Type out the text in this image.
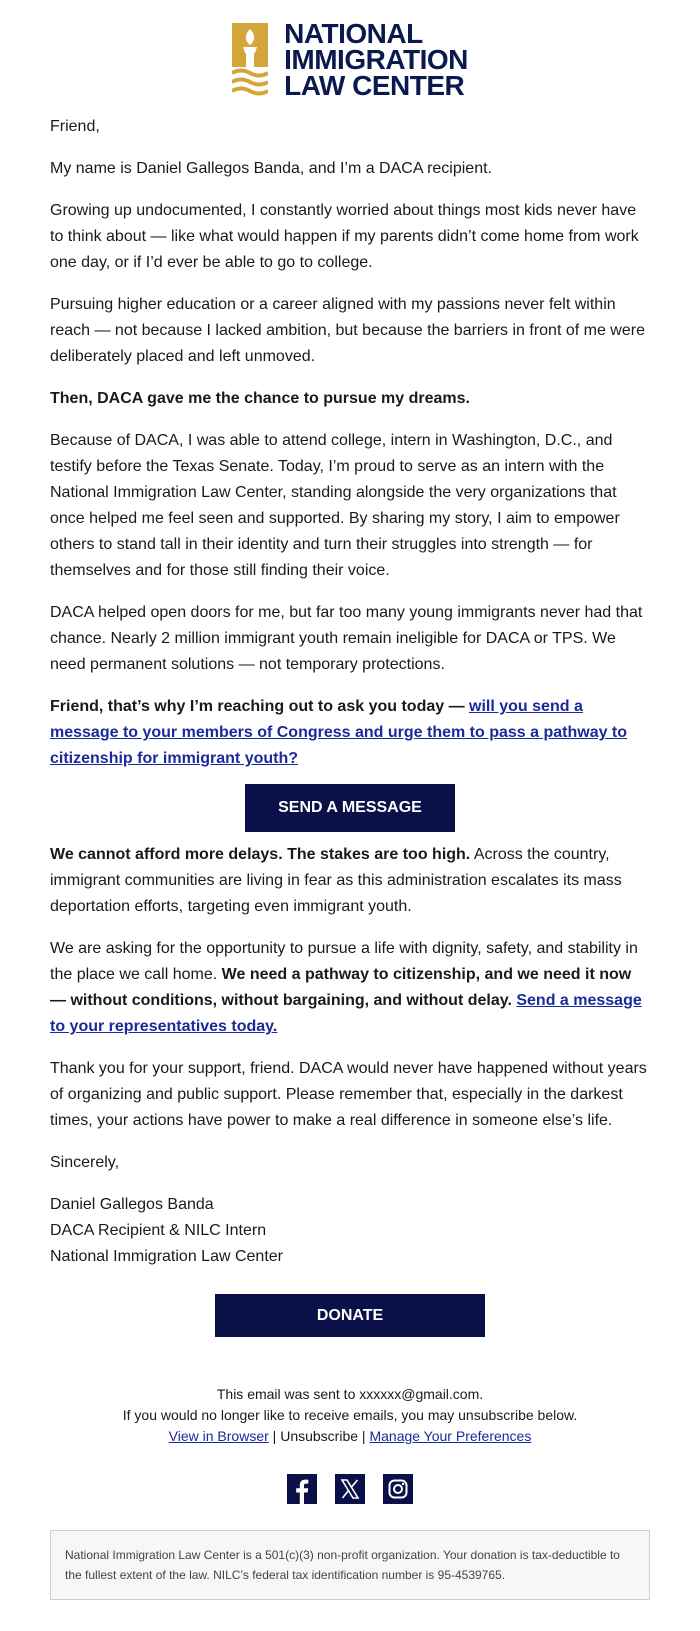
NATIONAL
IMMIGRATION
LAW CENTER

Friend,

My name is Daniel Gallegos Banda, and I’m a DACA recipient.

Growing up undocumented, I constantly worried about things most kids never have to think about — like what would happen if my parents didn’t come home from work one day, or if I’d ever be able to go to college.

Pursuing higher education or a career aligned with my passions never felt within reach — not because I lacked ambition, but because the barriers in front of me were deliberately placed and left unmoved.

Then, DACA gave me the chance to pursue my dreams.

Because of DACA, I was able to attend college, intern in Washington, D.C., and testify before the Texas Senate. Today, I’m proud to serve as an intern with the National Immigration Law Center, standing alongside the very organizations that once helped me feel seen and supported. By sharing my story, I aim to empower others to stand tall in their identity and turn their struggles into strength — for themselves and for those still finding their voice.

DACA helped open doors for me, but far too many young immigrants never had that chance. Nearly 2 million immigrant youth remain ineligible for DACA or TPS. We need permanent solutions — not temporary protections.

Friend, that’s why I’m reaching out to ask you today — will you send a message to your members of Congress and urge them to pass a pathway to citizenship for immigrant youth?

SEND A MESSAGE

We cannot afford more delays. The stakes are too high. Across the country, immigrant communities are living in fear as this administration escalates its mass deportation efforts, targeting even immigrant youth.

We are asking for the opportunity to pursue a life with dignity, safety, and stability in the place we call home. We need a pathway to citizenship, and we need it now — without conditions, without bargaining, and without delay. Send a message to your representatives today.

Thank you for your support, friend. DACA would never have happened without years of organizing and public support. Please remember that, especially in the darkest times, your actions have power to make a real difference in someone else’s life.

Sincerely,

Daniel Gallegos Banda
DACA Recipient & NILC Intern
National Immigration Law Center

DONATE
This email was sent to xxxxxx@gmail.com.
If you would no longer like to receive emails, you may unsubscribe below.
View in Browser | Unsubscribe | Manage Your Preferences
National Immigration Law Center is a 501(c)(3) non-profit organization. Your donation is tax-deductible to the fullest extent of the law. NILC’s federal tax identification number is 95-4539765.
